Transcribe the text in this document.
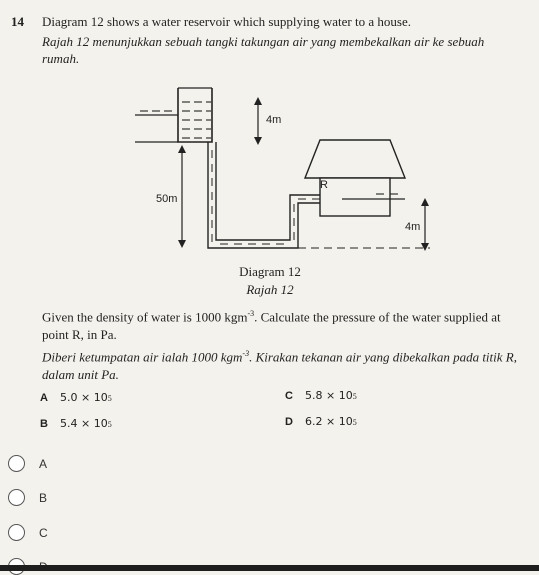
14 Diagram 12 shows a water reservoir which supplying water to a house.
Rajah 12 menunjukkan sebuah tangki takungan air yang membekalkan air ke sebuah rumah.
4m
50m
R
4m
Diagram 12
Rajah 12
Given the density of water is 1000 kgm$^{-3}$. Calculate the pressure of the water supplied at point R, in Pa.
Diberi ketumpatan air ialah 1000 kgm$^{-3}$. Kirakan tekanan air yang dibekalkan pada titik R, dalam unit Pa.
A	5.0 × 10 5	C	5.8 × 10 5
B	5.4 × 10 5	D	6.2 × 10 5
A
B
C
